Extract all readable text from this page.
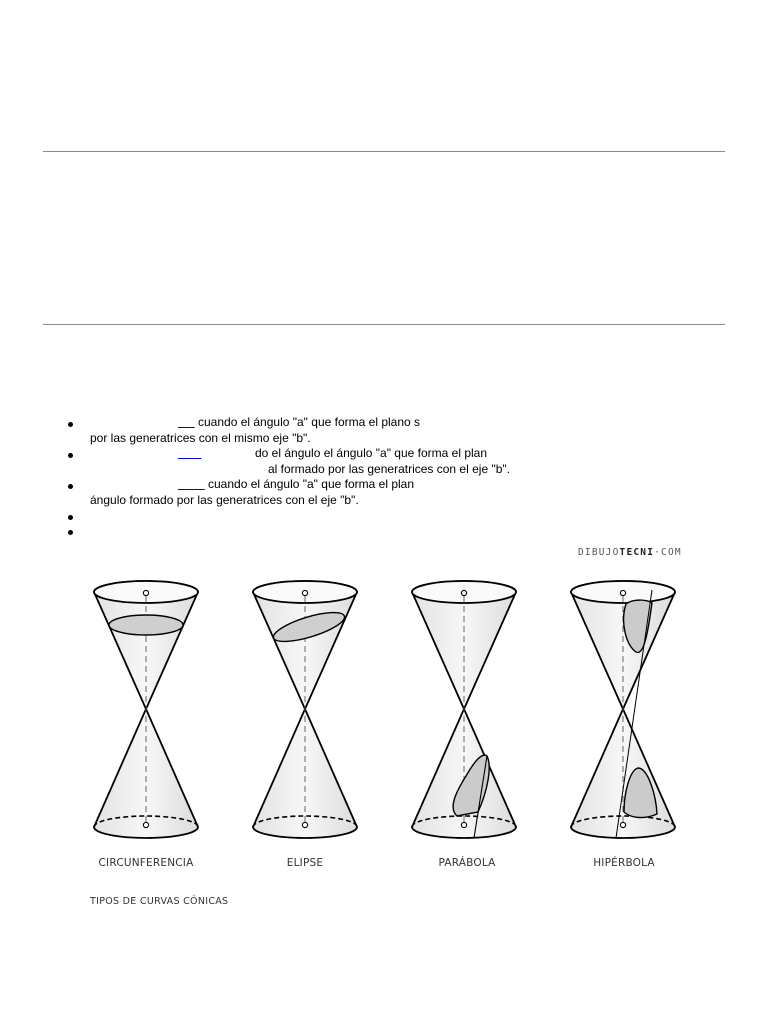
cuando el ángulo "a" que forma el plano s
por las generatrices con el mismo eje "b".

do el ángulo el ángulo "a" que forma el plan
al formado por las generatrices con el eje "b".
cuando el ángulo "a" que forma el plan
ángulo formado por las generatrices con el eje "b".
DIBUJOTECNI·COM
CIRCUNFERENCIA	ELIPSE	PARÁBOLA	HIPÉRBOLA
TIPOS DE CURVAS CÓNICAS
